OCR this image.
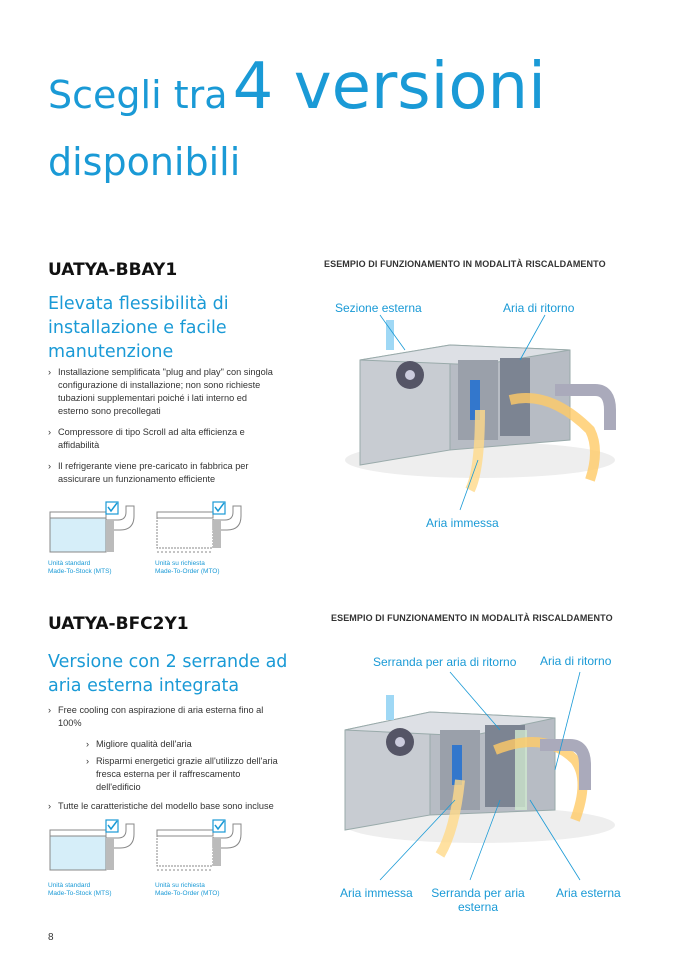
Scegli tra 4 versioni
disponibili
UATYA-BBAY1
Elevata flessibilità di
installazione e facile
manutenzione
› Installazione semplificata "plug and play" con singola configurazione di installazione; non sono richieste tubazioni supplementari poiché i lati interno ed esterno sono precollegati
› Compressore di tipo Scroll ad alta efficienza e affidabilità
› Il refrigerante viene pre-caricato in fabbrica per assicurare un funzionamento efficiente
Unità standard
Made-To-Stock (MTS)
Unità su richiesta
Made-To-Order (MTO)
ESEMPIO DI FUNZIONAMENTO IN MODALITÀ RISCALDAMENTO
Sezione esterna	Aria di ritorno
Aria immessa
UATYA-BFC2Y1
Versione con 2 serrande ad
aria esterna integrata
› Free cooling con aspirazione di aria esterna fino al 100%
› Migliore qualità dell'aria
› Risparmi energetici grazie all'utilizzo dell'aria fresca esterna per il raffrescamento dell'edificio
› Tutte le caratteristiche del modello base sono incluse
Unità standard
Made-To-Stock (MTS)
Unità su richiesta
Made-To-Order (MTO)
ESEMPIO DI FUNZIONAMENTO IN MODALITÀ RISCALDAMENTO
Serranda per aria di ritorno Aria di ritorno
Aria immessa Serranda per aria
esterna
Aria esterna
8
